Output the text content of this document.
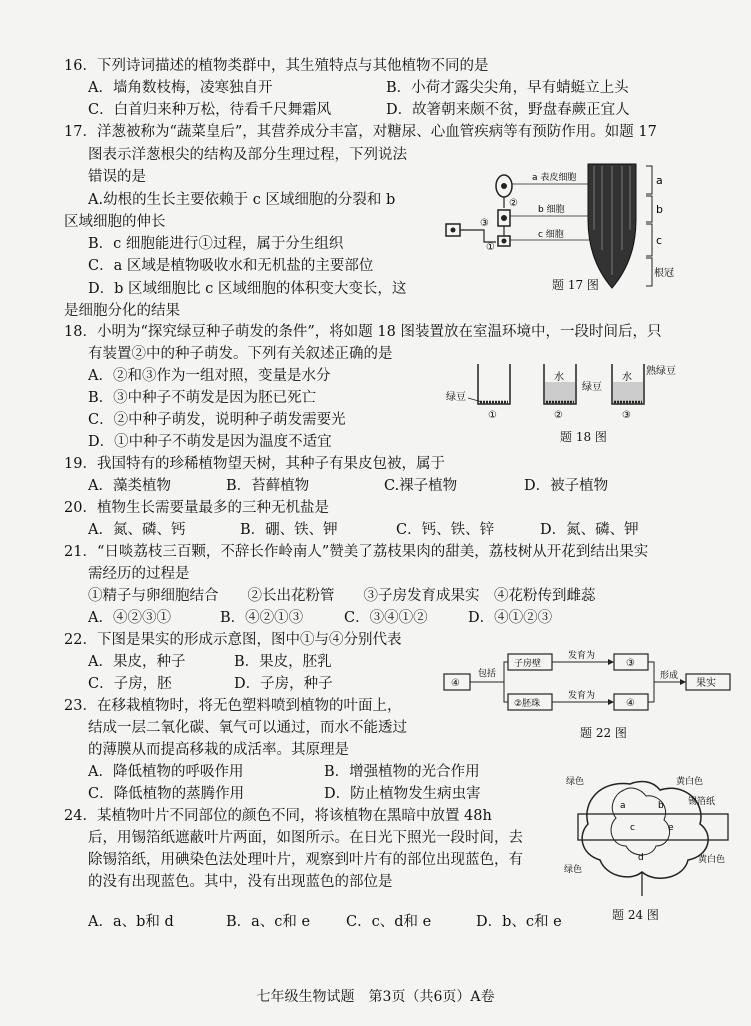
16．下列诗词描述的植物类群中，其生殖特点与其他植物不同的是
A．墙角数枝梅，凌寒独自开	B．小荷才露尖尖角，早有蜻蜓立上头
C．白首归来种万松，待看千尺舞霜风	D．故箸朝来颇不贫，野盘春蕨正宜人
17．洋葱被称为“蔬菜皇后”，其营养成分丰富，对糖尿、心血管疾病等有预防作用。如题 17
图表示洋葱根尖的结构及部分生理过程，下列说法
错误的是
A.幼根的生长主要依赖于 c 区域细胞的分裂和 b
区域细胞的伸长
B．c 细胞能进行①过程，属于分生组织
C．a 区域是植物吸收水和无机盐的主要部位
D．b 区域细胞比 c 区域细胞的体积变大变长，这
是细胞分化的结果
②
①
③
a 表皮细胞
b 细胞
c 细胞
a
b
c
根冠
题 17 图
18．小明为“探究绿豆种子萌发的条件”，将如题 18 图装置放在室温环境中，一段时间后，只
有装置②中的种子萌发。下列有关叙述正确的是
A．②和③作为一组对照，变量是水分
B．③中种子不萌发是因为胚已死亡
C．②中种子萌发，说明种子萌发需要光
D．①中种子不萌发是因为温度不适宜
绿豆
①
水
绿豆
②
水
熟绿豆
③
题 18 图
19．我国特有的珍稀植物望天树，其种子有果皮包被，属于
A．藻类植物	B．苔藓植物	C.裸子植物	D．被子植物
20．植物生长需要量最多的三种无机盐是
A．氮、磷、钙	B．硼、铁、钾	C．钙、铁、锌	D．氮、磷、钾
21．“日啖荔枝三百颗，不辞长作岭南人”赞美了荔枝果肉的甜美，荔枝树从开花到结出果实
需经历的过程是
①精子与卵细胞结合　　②长出花粉管　　③子房发育成果实　④花粉传到雌蕊
A．④②③①	B．④②①③	C．③④①②	D．④①②③
22．下图是果实的形成示意图，图中①与④分别代表
A．果皮，种子	B．果皮，胚乳
C．子房，胚	D．子房，种子	④
包括
子房壁
②胚珠
发育为
发育为
③
④
形成
果实
题 22 图
23．在移栽植物时，将无色塑料喷到植物的叶面上，
结成一层二氧化碳、氧气可以通过，而水不能透过
的薄膜从而提高移栽的成活率。其原理是
A．降低植物的呼吸作用	B．增强植物的光合作用
C．降低植物的蒸腾作用	D．防止植物发生病虫害
24．某植物叶片不同部位的颜色不同，将该植物在黑暗中放置 48h
后，用锡箔纸遮蔽叶片两面，如图所示。在日光下照光一段时间，去
除锡箔纸，用碘染色法处理叶片，观察到叶片有的部位出现蓝色，有
的没有出现蓝色。其中，没有出现蓝色的部位是
A．a、b和 d	B．a、c和 e C．c、d和 e	D．b、c和 e
绿色	黄白色
锡箔纸
绿色
黄白色
a	b
c
d
e
题 24 图
七年级生物试题　第3页（共6页）A卷
